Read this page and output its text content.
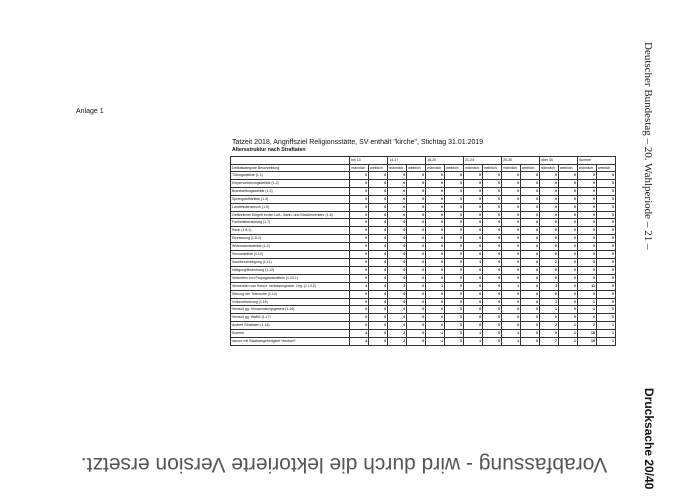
Anlage 1
Tatzeit 2018, Angriffsziel Religionsstätte, SV enthält "kirche", Stichtag 31.01.2019
Altersstruktur nach Straftaten
	bis 13		14-17		18-20		21-24		25-30		über 30		Summe	
Deliktskategorie Beschreibung	männlich	weiblich	männlich	weiblich	männlich	weiblich	männlich	weiblich	männlich	weiblich	männlich	weiblich	männlich	weiblich
Tötungsdelikte (1.1)	0	0	0	0	0	0	0	0	0	0	0	0	0	0
Körperverletzungsdelikte (1.2)	0	0	0	0	0	0	0	0	0	0	0	0	0	0
Brandstiftungsdelikte (1.3)	0	0	0	0	0	0	0	0	0	0	0	0	0	0
Sprengstoffdelikte (1.4)	0	0	0	0	0	0	0	0	0	0	0	0	0	0
Landfriedensbruch (1.5)	0	0	0	0	0	0	0	0	0	0	0	0	0	0
Gefährlicher Eingriff in den Luft-, Bahn- und Straßenverkehr (1.6)	0	0	0	0	0	0	0	0	0	0	0	0	0	0
Freiheitsberaubung (1.7)	0	0	0	0	0	0	0	0	0	0	0	0	0	0
Raub (1.8.1)	0	0	0	0	0	0	0	0	0	0	0	0	0	0
Erpressung (1.8.2)	0	0	0	0	0	0	0	0	0	0	0	0	0	0
Widerstandsdelikte (1.9)	0	0	0	0	0	0	0	0	0	0	0	0	0	0
Sexualdelikte (1.10)	0	0	0	0	0	0	0	0	0	0	0	0	0	0
Sachbeschädigung (1.11)	0	0	0	0	0	0	1	0	0	0	2	0	3	0
Nötigung/Bedrohung (1.12)	0	0	0	0	0	0	0	0	0	0	0	0	0	0
Verbreiten von Propagandamitteln (1.13.1)	0	0	0	0	0	0	0	0	0	0	0	0	0	0
Verwenden von Kennz. verfassungswidr. Org. (1.13.2)	4	0	2	0	1	0	0	0	1	0	3	0	11	0
Störung der Totenruhe (1.14)	0	0	0	0	0	0	0	0	0	0	0	0	0	0
Volksverhetzung (1.15)	0	0	0	0	0	0	0	0	0	0	1	0	1	0
Verstoß gg. Versammlungsgesetz (1.16)	0	0	0	0	0	0	0	0	0	0	1	0	1	0
Verstoß gg. WaffG (1.17)	0	0	0	0	0	0	0	0	0	0	0	0	0	0
Andere Straftaten (1.18)	0	0	0	0	0	0	0	0	0	0	2	1	2	1
Summe	4	0	2	0	1	0	1	0	1	0	9	1	18	1
davon: mit Staatsangehörigkeit "deutsch"	4	0	2	0	1	0	1	0	1	0	7	1	16	1
Deutscher Bundestag – 20. Wahlperiode
– 21 –
Drucksache 20/40
Vorabfassung - wird durch die lektorierte Version ersetzt.
